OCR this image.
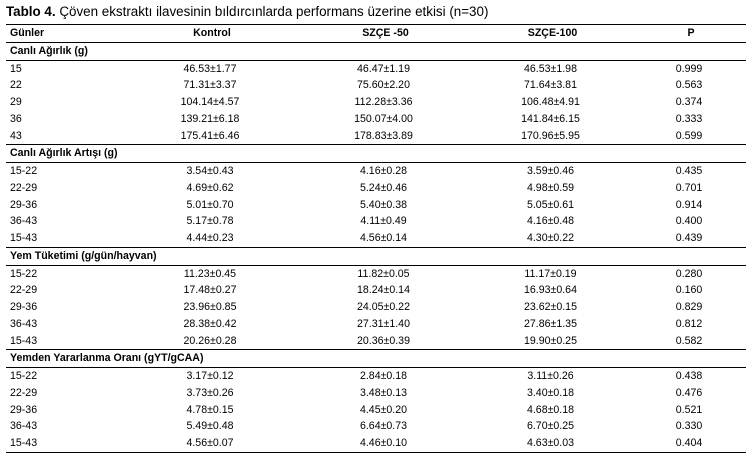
Tablo 4. Çöven ekstraktı ilavesinin bıldırcınlarda performans üzerine etkisi (n=30)
Günler	Kontrol	SZÇE -50	SZÇE-100	P
Canlı Ağırlık (g)				
15	46.53±1.77	46.47±1.19	46.53±1.98	0.999
22	71.31±3.37	75.60±2.20	71.64±3.81	0.563
29	104.14±4.57	112.28±3.36	106.48±4.91	0.374
36	139.21±6.18	150.07±4.00	141.84±6.15	0.333
43	175.41±6.46	178.83±3.89	170.96±5.95	0.599
Canlı Ağırlık Artışı (g)				
15-22	3.54±0.43	4.16±0.28	3.59±0.46	0.435
22-29	4.69±0.62	5.24±0.46	4.98±0.59	0.701
29-36	5.01±0.70	5.40±0.38	5.05±0.61	0.914
36-43	5.17±0.78	4.11±0.49	4.16±0.48	0.400
15-43	4.44±0.23	4.56±0.14	4.30±0.22	0.439
Yem Tüketimi (g/gün/hayvan)				
15-22	11.23±0.45	11.82±0.05	11.17±0.19	0.280
22-29	17.48±0.27	18.24±0.14	16.93±0.64	0.160
29-36	23.96±0.85	24.05±0.22	23.62±0.15	0.829
36-43	28.38±0.42	27.31±1.40	27.86±1.35	0.812
15-43	20.26±0.28	20.36±0.39	19.90±0.25	0.582
Yemden Yararlanma Oranı (gYT/gCAA)				
15-22	3.17±0.12	2.84±0.18	3.11±0.26	0.438
22-29	3.73±0.26	3.48±0.13	3.40±0.18	0.476
29-36	4.78±0.15	4.45±0.20	4.68±0.18	0.521
36-43	5.49±0.48	6.64±0.73	6.70±0.25	0.330
15-43	4.56±0.07	4.46±0.10	4.63±0.03	0.404
